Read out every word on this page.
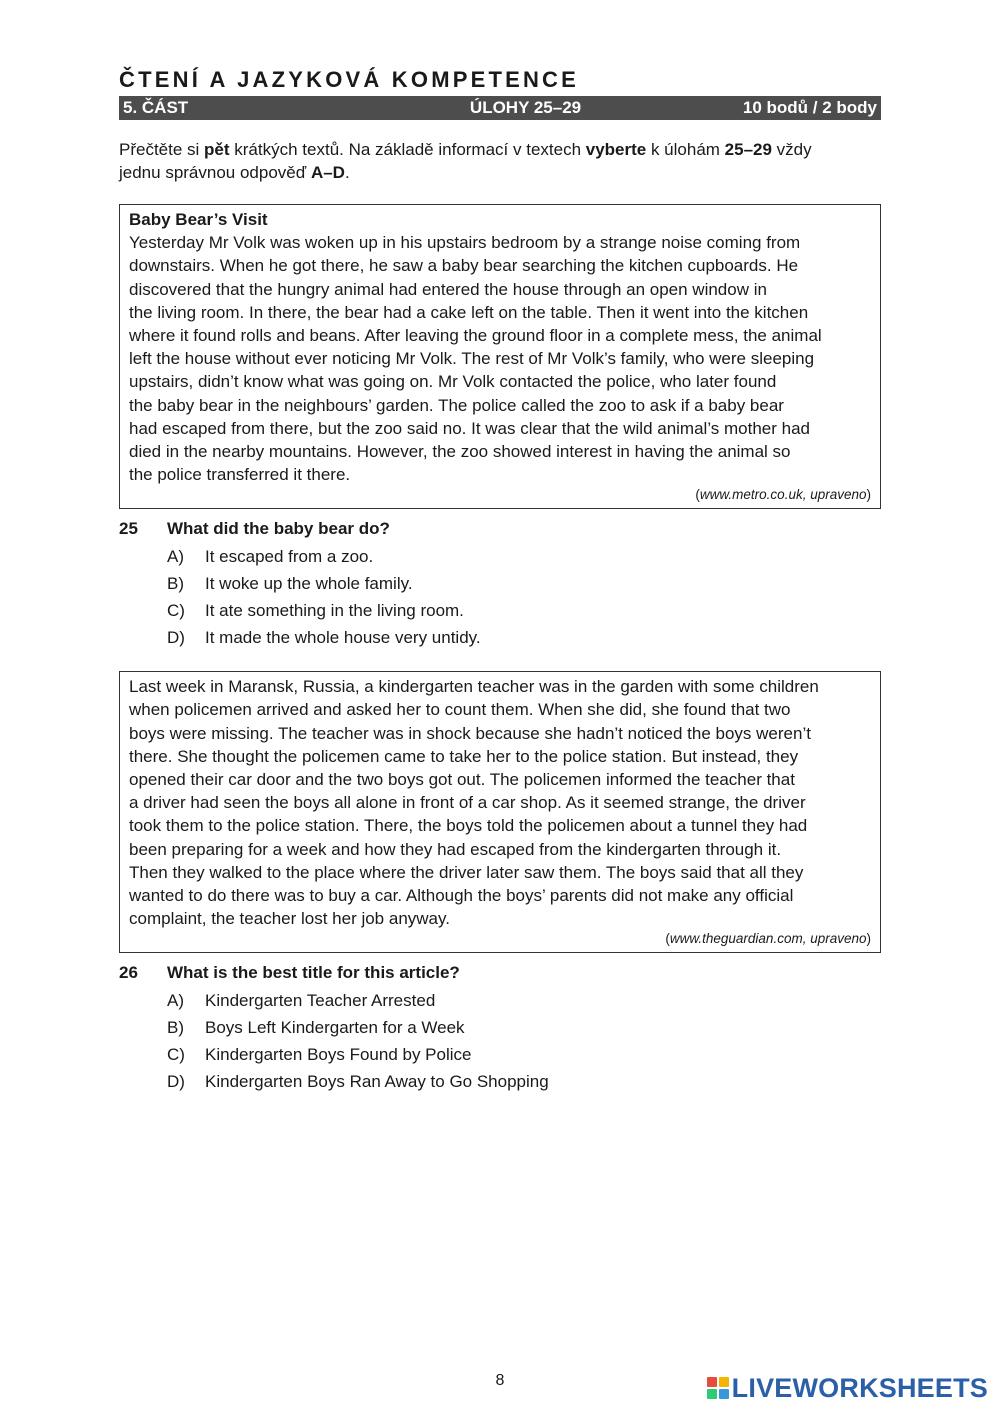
ČTENÍ A JAZYKOVÁ KOMPETENCE
5. ČÁST	ÚLOHY 25–29	10 bodů / 2 body
Přečtěte si pět krátkých textů. Na základě informací v textech vyberte k úlohám 25–29 vždy
jednu správnou odpověď A–D.
Baby Bear’s Visit
Yesterday Mr Volk was woken up in his upstairs bedroom by a strange noise coming from
downstairs. When he got there, he saw a baby bear searching the kitchen cupboards. He
discovered that the hungry animal had entered the house through an open window in
the living room. In there, the bear had a cake left on the table. Then it went into the kitchen
where it found rolls and beans. After leaving the ground floor in a complete mess, the animal
left the house without ever noticing Mr Volk. The rest of Mr Volk’s family, who were sleeping
upstairs, didn’t know what was going on. Mr Volk contacted the police, who later found
the baby bear in the neighbours’ garden. The police called the zoo to ask if a baby bear
had escaped from there, but the zoo said no. It was clear that the wild animal’s mother had
died in the nearby mountains. However, the zoo showed interest in having the animal so
the police transferred it there.
(www.metro.co.uk, upraveno)
25	What did the baby bear do?
A)	It escaped from a zoo.
B)	It woke up the whole family.
C)	It ate something in the living room.
D)	It made the whole house very untidy.
Last week in Maransk, Russia, a kindergarten teacher was in the garden with some children
when policemen arrived and asked her to count them. When she did, she found that two
boys were missing. The teacher was in shock because she hadn’t noticed the boys weren’t
there. She thought the policemen came to take her to the police station. But instead, they
opened their car door and the two boys got out. The policemen informed the teacher that
a driver had seen the boys all alone in front of a car shop. As it seemed strange, the driver
took them to the police station. There, the boys told the policemen about a tunnel they had
been preparing for a week and how they had escaped from the kindergarten through it.
Then they walked to the place where the driver later saw them. The boys said that all they
wanted to do there was to buy a car. Although the boys’ parents did not make any official
complaint, the teacher lost her job anyway.
(www.theguardian.com, upraveno)
26	What is the best title for this article?
A)	Kindergarten Teacher Arrested
B)	Boys Left Kindergarten for a Week
C)	Kindergarten Boys Found by Police
D)	Kindergarten Boys Ran Away to Go Shopping
8	LIVEWORKSHEETS
